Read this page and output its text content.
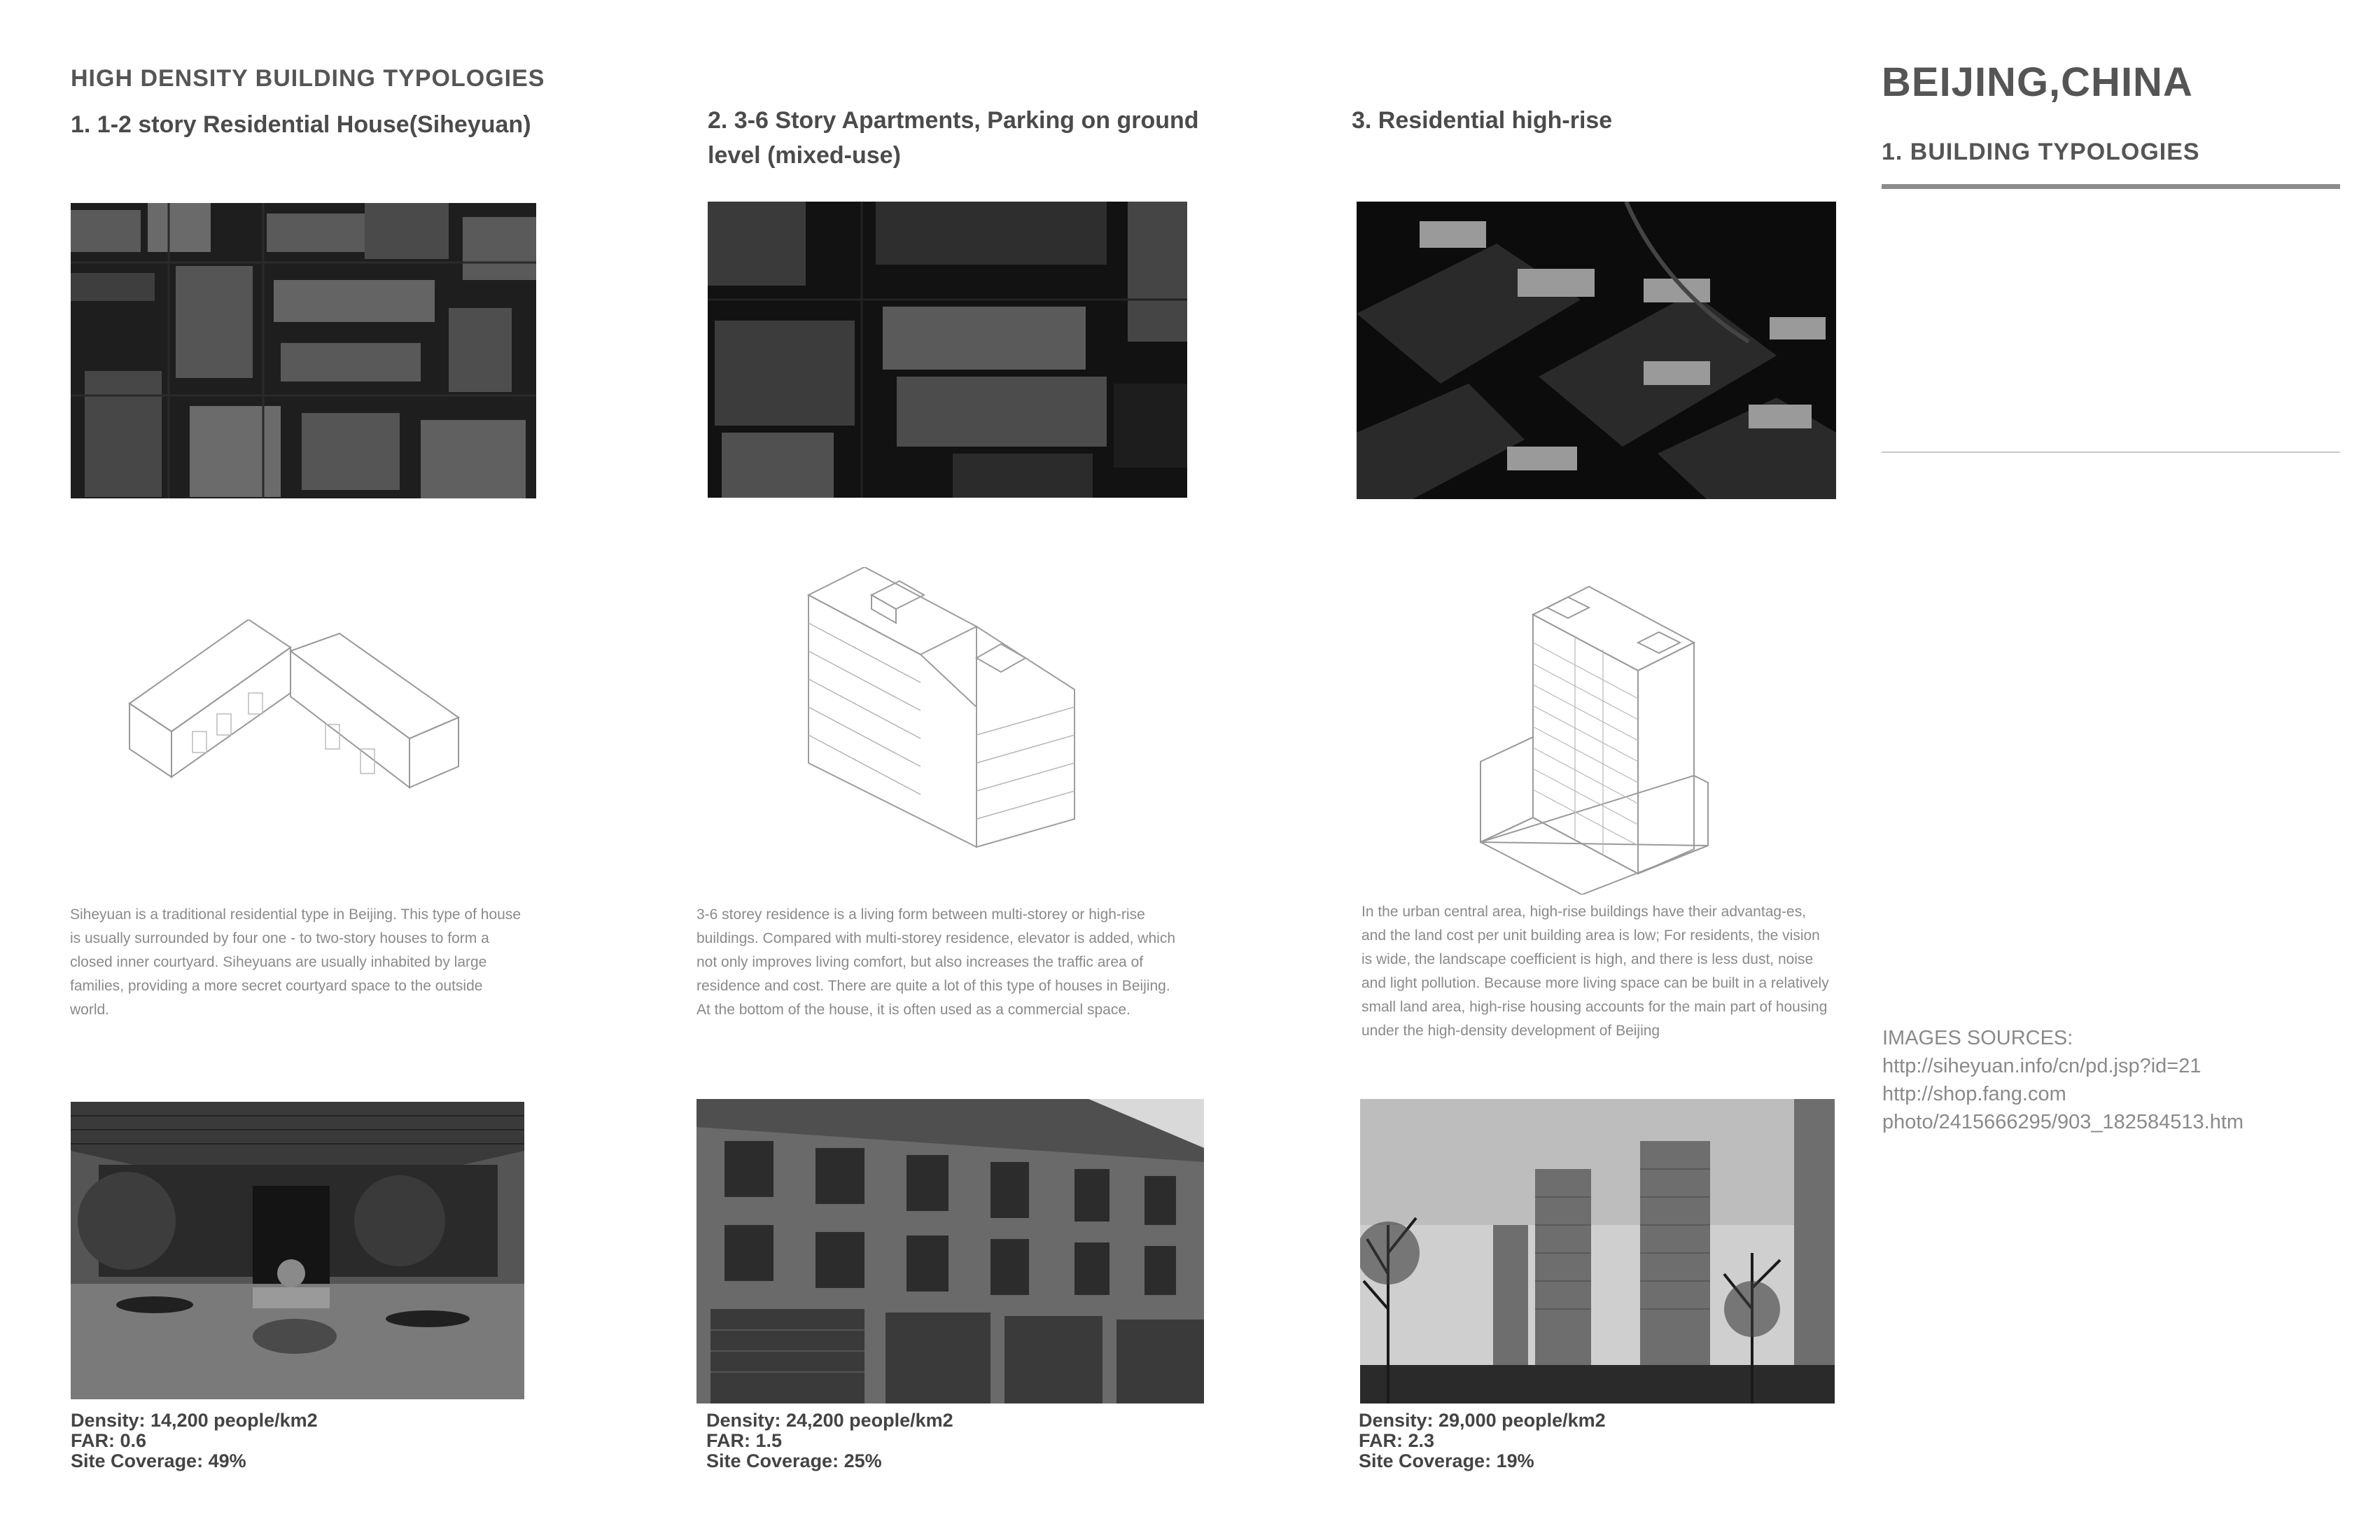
HIGH DENSITY BUILDING TYPOLOGIES
1. 1-2 story Residential House(Siheyuan)	2. 3-6 Story Apartments, Parking on ground level (mixed-use)
3. Residential high-rise
Siheyuan is a traditional residential type in Beijing. This type of house is usually surrounded by four one - to two-story houses to form a closed inner courtyard. Siheyuans are usually inhabited by large families, providing a more secret courtyard space to the outside world.
3-6 storey residence is a living form between multi-storey or high-rise buildings. Compared with multi-storey residence, elevator is added, which not only improves living comfort, but also increases the traffic area of residence and cost. There are quite a lot of this type of houses in Beijing. At the bottom of the house, it is often used as a commercial space.
In the urban central area, high-rise buildings have their advantag-es, and the land cost per unit building area is low; For residents, the vision is wide, the landscape coefficient is high, and there is less dust, noise and light pollution. Because more living space can be built in a relatively small land area, high-rise housing accounts for the main part of housing under the high-density development of Beijing
Density: 14,200 people/km2
FAR: 0.6
Site Coverage: 49%
Density: 24,200 people/km2
FAR: 1.5
Site Coverage: 25%
Density: 29,000 people/km2
FAR: 2.3
Site Coverage: 19%
BEIJING,CHINA
1. BUILDING TYPOLOGIES
IMAGES SOURCES:
http://siheyuan.info/cn/pd.jsp?id=21
http://shop.fang.com
photo/2415666295/903_182584513.htm
